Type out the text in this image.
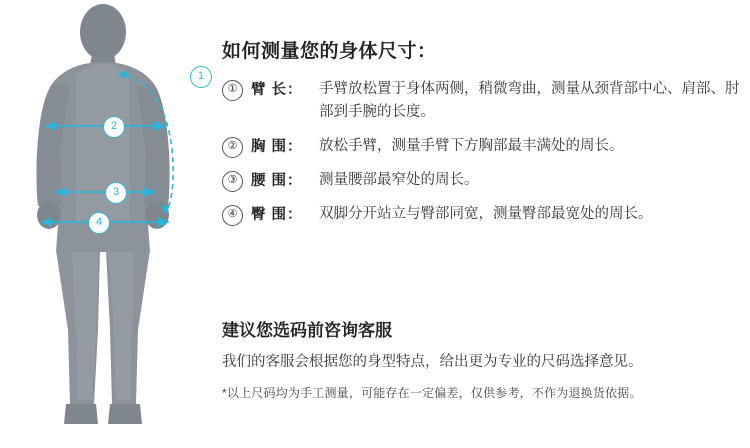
1
2
3
4
如何测量您的身体尺寸：
① 臂 长：	手臂放松置于身体两侧，稍微弯曲，测量从颈背部中心、肩部、肘部到手腕的长度。
② 胸 围：	放松手臂，测量手臂下方胸部最丰满处的周长。
③ 腰 围：	测量腰部最窄处的周长。
④ 臀 围：	双脚分开站立与臀部同宽，测量臀部最宽处的周长。
建议您选码前咨询客服
我们的客服会根据您的身型特点，给出更为专业的尺码选择意见。
*以上尺码均为手工测量，可能存在一定偏差，仅供参考，不作为退换货依据。
